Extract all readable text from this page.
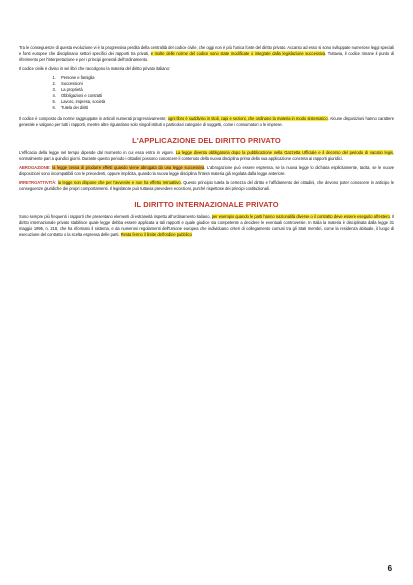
Tra le conseguenze di questa evoluzione vi è la progressiva perdita della centralità del codice civile, che oggi non è più l'unica fonte del diritto privato. Accanto ad esso si sono sviluppate numerose leggi speciali e fonti europee che disciplinano settori specifici dei rapporti tra privati, e molte delle norme del codice sono state modificate o integrate dalla legislazione successiva. Tuttavia, il codice rimane il punto di riferimento per l'interpretazione e per i principi generali dell'ordinamento.

Il codice civile è diviso in sei libri che raccolgono la materia del diritto privato italiano:

1. Persone e famiglia
2. Successioni
3. La proprietà
4. Obbligazioni e contratti
5. Lavoro, impresa, società
6. Tutela dei diritti

Il codice è composto da norme raggruppate in articoli numerati progressivamente; ogni libro è suddiviso in titoli, capi e sezioni, che ordinano la materia in modo sistematico. Alcune disposizioni hanno carattere generale e valgono per tutti i rapporti, mentre altre riguardano solo singoli istituti o particolari categorie di soggetti, come i consumatori o le imprese.

L'APPLICAZIONE DEL DIRITTO PRIVATO

L'efficacia della legge nel tempo dipende dal momento in cui essa entra in vigore. La legge diventa obbligatoria dopo la pubblicazione nella Gazzetta Ufficiale e il decorso del periodo di vacatio legis, normalmente pari a quindici giorni. Durante questo periodo i cittadini possono conoscere il contenuto della nuova disciplina prima della sua applicazione concreta ai rapporti giuridici.

ABROGAZIONE: la legge cessa di produrre effetti quando viene abrogata da una legge successiva. L'abrogazione può essere espressa, se la nuova legge lo dichiara esplicitamente, tacita, se le nuove disposizioni sono incompatibili con le precedenti, oppure implicita, quando la nuova legge disciplina l'intera materia già regolata dalla legge anteriore.

IRRETROATTIVITÀ: la legge non dispone che per l'avvenire e non ha effetto retroattivo. Questo principio tutela la certezza del diritto e l'affidamento dei cittadini, che devono poter conoscere in anticipo le conseguenze giuridiche dei propri comportamenti. Il legislatore può tuttavia prevedere eccezioni, purché rispettose dei principi costituzionali.

IL DIRITTO INTERNAZIONALE PRIVATO

Sono sempre più frequenti i rapporti che presentano elementi di estraneità rispetto all'ordinamento italiano, per esempio quando le parti hanno nazionalità diverse o il contratto deve essere eseguito all'estero. Il diritto internazionale privato stabilisce quale legge debba essere applicata a tali rapporti e quale giudice sia competente a decidere le eventuali controversie. In Italia la materia è disciplinata dalla legge 31 maggio 1995, n. 218, che ha riformato il sistema, e da numerosi regolamenti dell'Unione europea che individuano criteri di collegamento comuni tra gli Stati membri, come la residenza abituale, il luogo di esecuzione del contratto o la scelta espressa delle parti. Resta fermo il limite dell'ordine pubblico

6
